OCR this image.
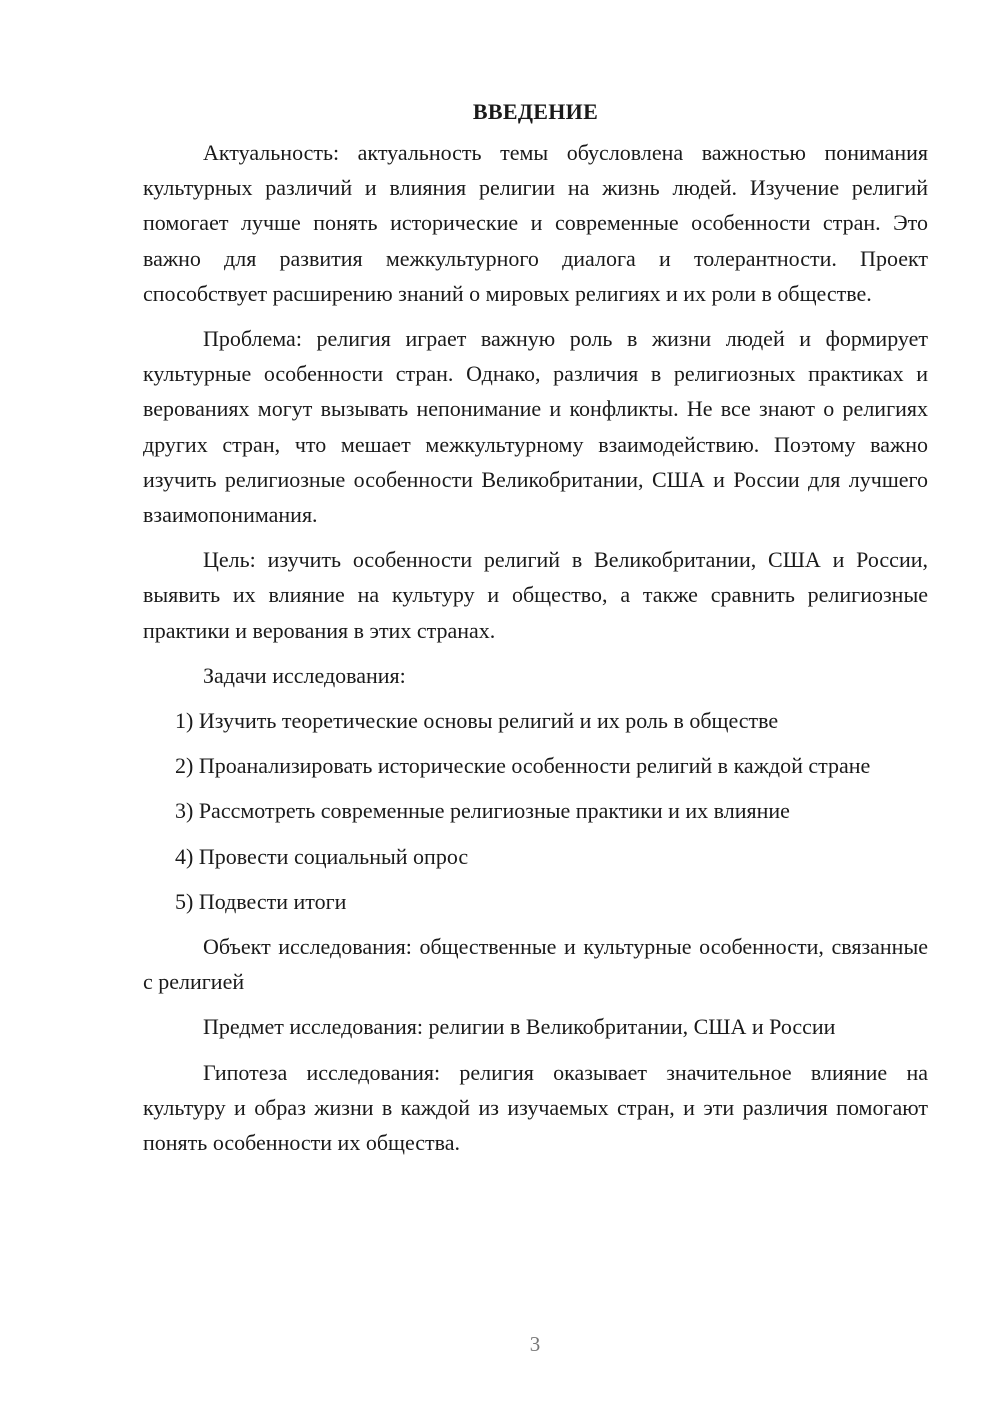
ВВЕДЕНИЕ

Актуальность: актуальность темы обусловлена важностью понимания культурных различий и влияния религии на жизнь людей. Изучение религий помогает лучше понять исторические и современные особенности стран. Это важно для развития межкультурного диалога и толерантности. Проект способствует расширению знаний о мировых религиях и их роли в обществе.

Проблема: религия играет важную роль в жизни людей и формирует культурные особенности стран. Однако, различия в религиозных практиках и верованиях могут вызывать непонимание и конфликты. Не все знают о религиях других стран, что мешает межкультурному взаимодействию. Поэтому важно изучить религиозные особенности Великобритании, США и России для лучшего взаимопонимания.

Цель: изучить особенности религий в Великобритании, США и России, выявить их влияние на культуру и общество, а также сравнить религиозные практики и верования в этих странах.

Задачи исследования:

1) Изучить теоретические основы религий и их роль в обществе

2) Проанализировать исторические особенности религий в каждой стране

3) Рассмотреть современные религиозные практики и их влияние

4) Провести социальный опрос

5) Подвести итоги

Объект исследования: общественные и культурные особенности, связанные с религией

Предмет исследования: религии в Великобритании, США и России

Гипотеза исследования: религия оказывает значительное влияние на культуру и образ жизни в каждой из изучаемых стран, и эти различия помогают понять особенности их общества.

3
